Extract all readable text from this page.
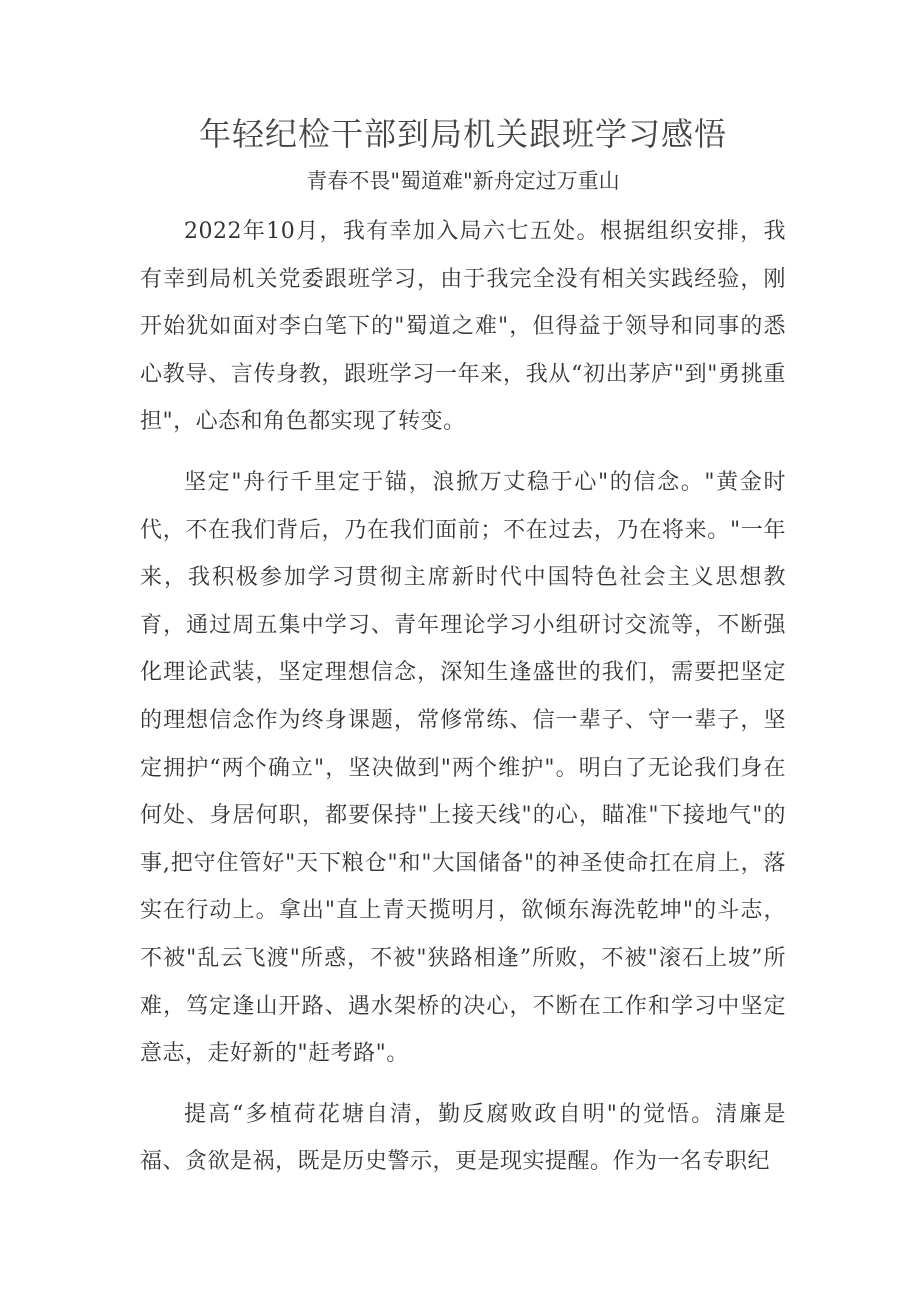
年轻纪检干部到局机关跟班学习感悟
青春不畏"蜀道难"新舟定过万重山

2022年10月，我有幸加入局六七五处。根据组织安排，我有幸到局机关党委跟班学习，由于我完全没有相关实践经验，刚开始犹如面对李白笔下的"蜀道之难"，但得益于领导和同事的悉心教导、言传身教，跟班学习一年来，我从“初出茅庐"到"勇挑重担"，心态和角色都实现了转变。

坚定"舟行千里定于锚，浪掀万丈稳于心"的信念。"黄金时代，不在我们背后，乃在我们面前；不在过去，乃在将来。"一年来，我积极参加学习贯彻主席新时代中国特色社会主义思想教育，通过周五集中学习、青年理论学习小组研讨交流等，不断强化理论武装，坚定理想信念，深知生逢盛世的我们，需要把坚定的理想信念作为终身课题，常修常练、信一辈子、守一辈子，坚定拥护“两个确立"，坚决做到"两个维护"。明白了无论我们身在何处、身居何职，都要保持"上接天线"的心，瞄准"下接地气"的事,把守住管好"天下粮仓"和"大国储备"的神圣使命扛在肩上，落实在行动上。拿出"直上青天揽明月，欲倾东海洗乾坤"的斗志，不被"乱云飞渡"所惑，不被"狭路相逢”所败，不被"滚石上坡”所难，笃定逢山开路、遇水架桥的决心，不断在工作和学习中坚定意志，走好新的"赶考路"。

提高“多植荷花塘自清，勤反腐败政自明"的觉悟。清廉是福、贪欲是祸，既是历史警示，更是现实提醒。作为一名专职纪
